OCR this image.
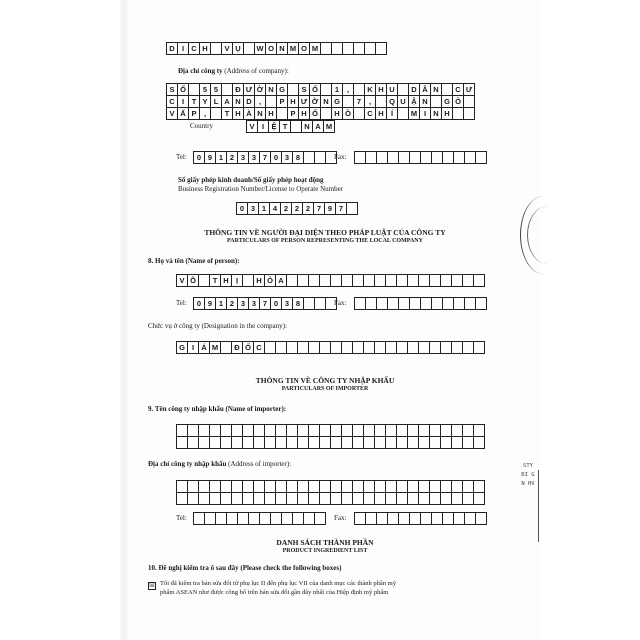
STY ĐI GN HV
D I C H	V Ụ	W O N M O M
Địa chỉ công ty (Address of company):
S Ố	5 5	Đ Ư Ờ N G	S Ố	1	,	K H U	D Â N	C Ư
C I	T Y L A N D ,	P H Ư Ờ N G	7	,	Q U Ậ N	G Ò
V Ấ P ,	T H À N H	P H Ố	H Ồ	C H Í	M I N H
Country	V I Ệ T	N A M
Tel:	0 9 1 2 3 3 7 0 3 8	Fax:
Số giấy phép kinh doanh/Số giấy phép hoạt động
Business Registration Number/License to Operate Number
0 3 1 4 2 2 2 7 9 7
THÔNG TIN VỀ NGƯỜI ĐẠI DIỆN THEO PHÁP LUẬT CỦA CÔNG TY
PARTICULARS OF PERSON REPRESENTING THE LOCAL COMPANY
8. Họ và tên (Name of person):
V Õ	T H Ị	H Ò A
Tel:	0 9 1 2 3 3 7 0 3 8	Fax:
Chức vụ ở công ty (Designation in the company):
G I Á M	Đ Ố C
THÔNG TIN VỀ CÔNG TY NHẬP KHẨU
PARTICULARS OF IMPORTER
9. Tên công ty nhập khẩu (Name of importer):
Địa chỉ công ty nhập khẩu (Address of importer):
Tel:	Fax:
DANH SÁCH THÀNH PHẦN
PRODUCT INGREDIENT LIST
10. Đề nghị kiểm tra ô sau đây (Please check the following boxes)
☒ Tôi đã kiểm tra bản sửa đổi từ phụ lục II đến phụ lục VII của danh mục các thành phần mỹ
phẩm ASEAN như được công bố trên bản sửa đổi gần đây nhất của Hiệp định mỹ phẩm
